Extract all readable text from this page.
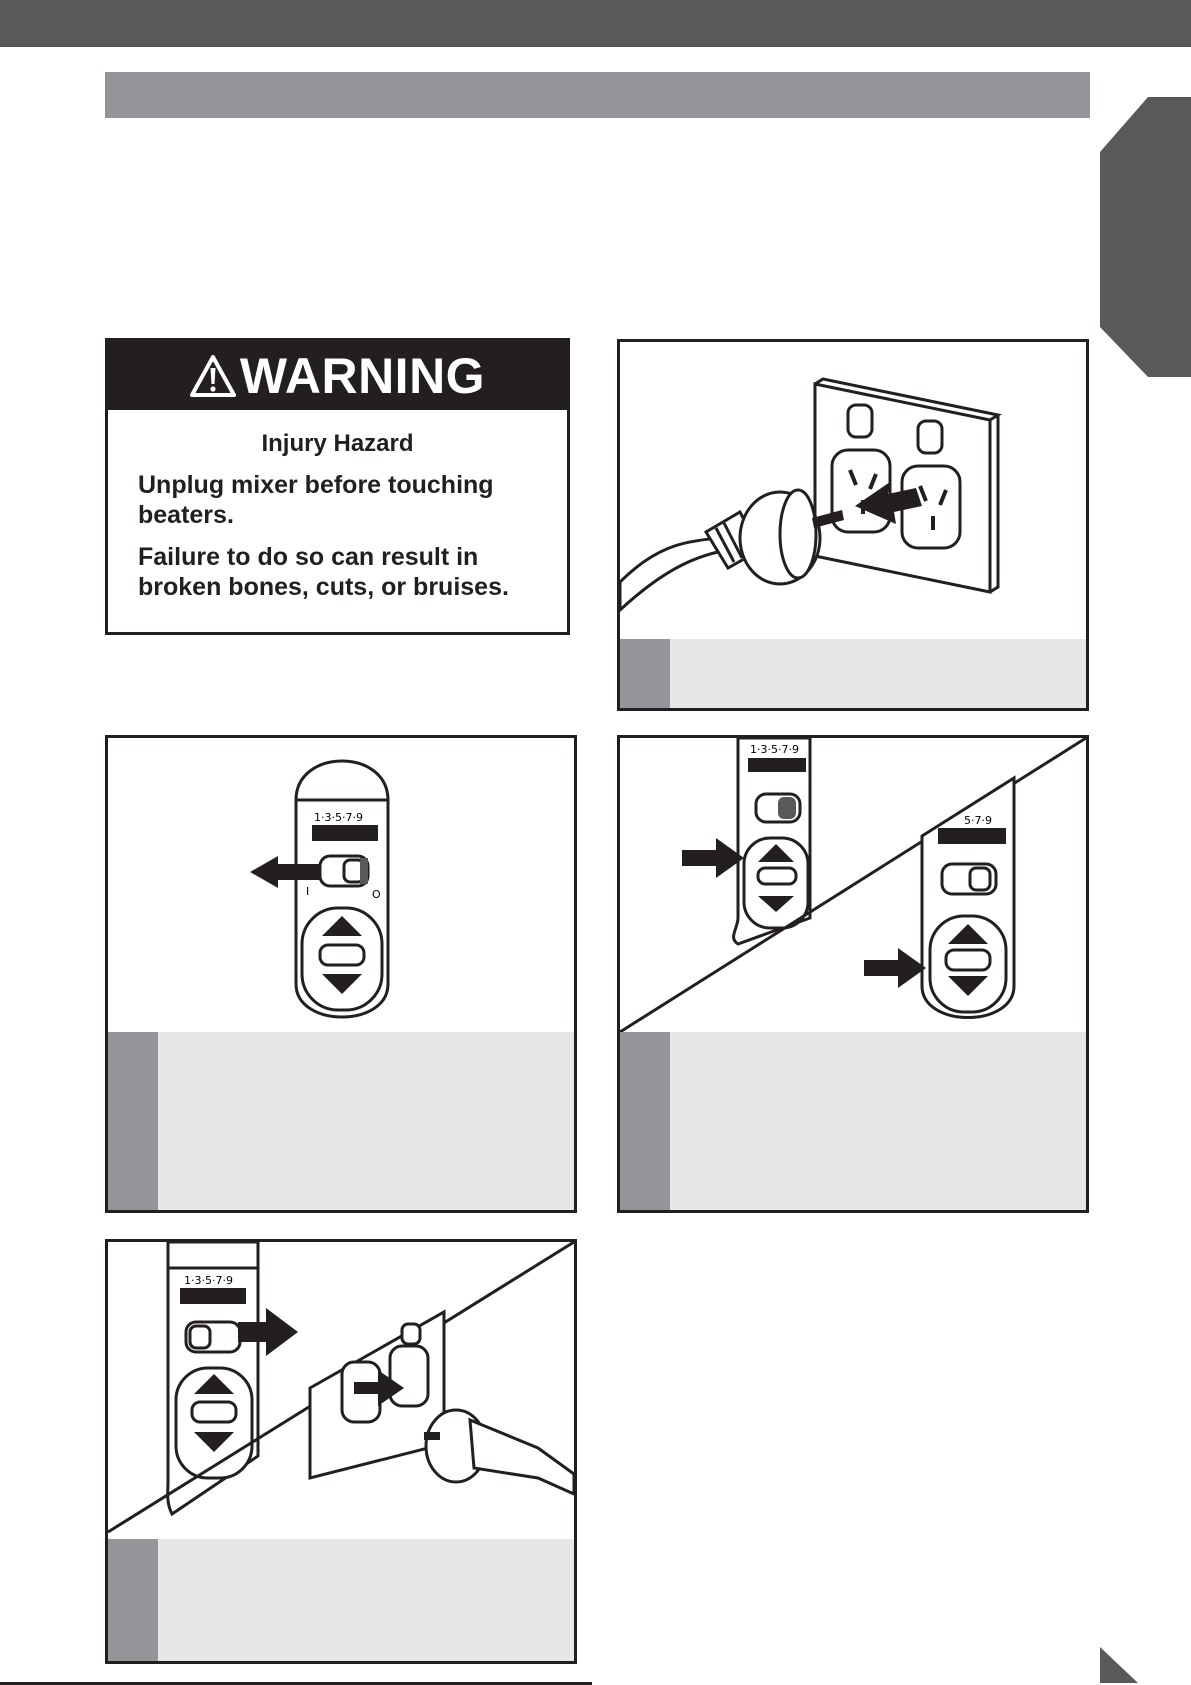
WARNING

Injury Hazard

Unplug mixer before touching beaters.

Failure to do so can result in broken bones, cuts, or bruises.

1·3·5·7·9
I	O
1·3·5·7·9
5·7·9
1·3·5·7·9
